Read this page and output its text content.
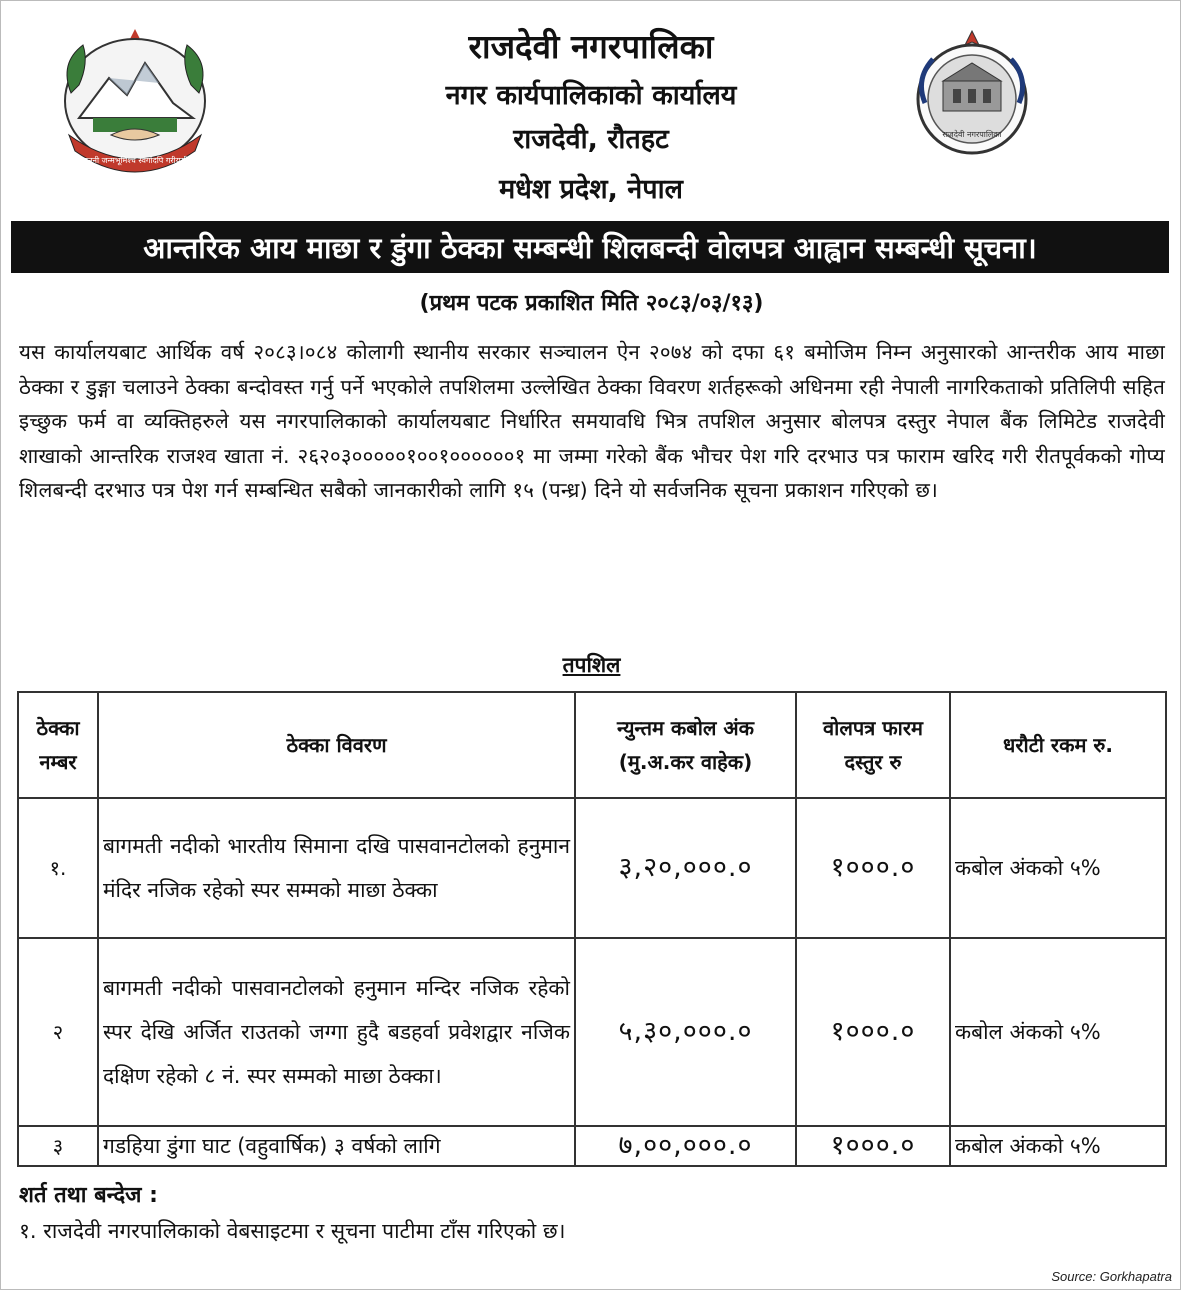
जननी जन्मभूमिश्च स्वर्गादपि गरीयसी
राजदेवी नगरपालिका
राजदेवी नगरपालिका
नगर कार्यपालिकाको कार्यालय
राजदेवी, रौतहट
मधेश प्रदेश, नेपाल
आन्तरिक आय माछा र डुंगा ठेक्का सम्बन्धी शिलबन्दी वोलपत्र आह्वान सम्बन्धी सूचना।
(प्रथम पटक प्रकाशित मिति २०८३/०३/१३)
यस कार्यालयबाट आर्थिक वर्ष २०८३।०८४ कोलागी स्थानीय सरकार सञ्चालन ऐन २०७४ को दफा ६१ बमोजिम निम्न अनुसारको आन्तरीक आय माछा ठेक्का र डुङ्गा चलाउने ठेक्का बन्दोवस्त गर्नु पर्ने भएकोले तपशिलमा उल्लेखित ठेक्का विवरण शर्तहरूको अधिनमा रही नेपाली नागरिकताको प्रतिलिपी सहित इच्छुक फर्म वा व्यक्तिहरुले यस नगरपालिकाको कार्यालयबाट निर्धारित समयावधि भित्र तपशिल अनुसार बोलपत्र दस्तुर नेपाल बैंक लिमिटेड राजदेवी शाखाको आन्तरिक राजश्व खाता नं. २६२०३०००००१००१००००००१ मा जम्मा गरेको बैंक भौचर पेश गरि दरभाउ पत्र फाराम खरिद गरी रीतपूर्वकको गोप्य शिलबन्दी दरभाउ पत्र पेश गर्न सम्बन्धित सबैको जानकारीको लागि १५ (पन्ध्र) दिने यो सर्वजनिक सूचना प्रकाशन गरिएको छ।
तपशिल
ठेक्का नम्बर	ठेक्का विवरण	न्युन्तम कबोल अंक (मु.अ.कर वाहेक)	वोलपत्र फारम दस्तुर रु	धरौटी रकम रु.
१.	बागमती नदीको भारतीय सिमाना दखि पासवानटोलको हनुमान मंदिर नजिक रहेको स्पर सम्मको माछा ठेक्का	३,२०,०००.०	१०००.०	कबोल अंकको ५%
२	बागमती नदीको पासवानटोलको हनुमान मन्दिर नजिक रहेको स्पर देखि अर्जित राउतको जग्गा हुदै बडहर्वा प्रवेशद्वार नजिक दक्षिण रहेको ८ नं. स्पर सम्मको माछा ठेक्का।	५,३०,०००.०	१०००.०	कबोल अंकको ५%
३	गडहिया डुंगा घाट (वहुवार्षिक) ३ वर्षको लागि	७,००,०००.०	१०००.०	कबोल अंकको ५%
शर्त तथा बन्देज :
१. राजदेवी नगरपालिकाको वेबसाइटमा र सूचना पाटीमा टाँस गरिएको छ।
Source: Gorkhapatra
